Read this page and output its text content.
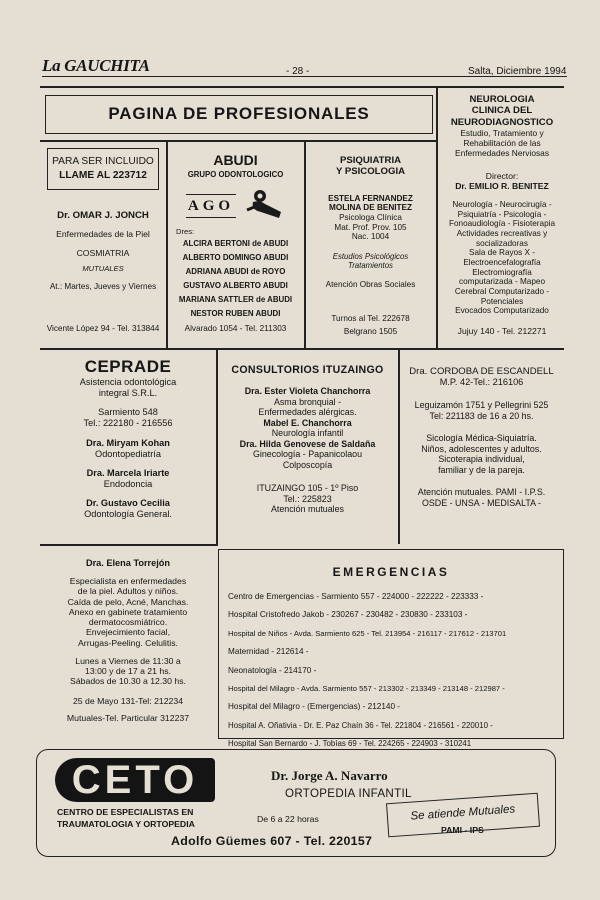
La GAUCHITA	- 28 -	Salta, Diciembre 1994
PAGINA DE PROFESIONALES
NEUROLOGIA
CLINICA DEL
NEURODIAGNOSTICO
Estudio, Tratamiento y
Rehabilitación de las
Enfermedades Nerviosas
Director:
Dr. EMILIO R. BENITEZ
Neurología - Neurocirugía -
Psiquiatría - Psicología -
Fonoaudiología - Fisioterapia
Actividades recreativas y
socializadoras
Sala de Rayos X -
Electroencefalografía
Electromiografía
computarizada - Mapeo
Cerebral Computarizado -
Potenciales
Evocados Computarizado
Jujuy 140 - Tel. 212271
PARA SER INCLUIDO
LLAME AL 223712
Dr. OMAR J. JONCH
Enfermedades de la Piel
COSMIATRIA
MUTUALES
At.: Martes, Jueves y Viernes
Vicente López 94 - Tel. 313844
ABUDI
GRUPO ODONTOLOGICO
AGO
Dres:
ALCIRA BERTONI de ABUDI
ALBERTO DOMINGO ABUDI
ADRIANA ABUDI de ROYO
GUSTAVO ALBERTO ABUDI
MARIANA SATTLER de ABUDI
NESTOR RUBEN ABUDI
Alvarado 1054 - Tel. 211303
PSIQUIATRIA
Y PSICOLOGIA
ESTELA FERNANDEZ
MOLINA DE BENITEZ
Psicologa Clínica
Mat. Prof. Prov. 105
Nac. 1004
Estudios Psicológicos
Tratamientos
Atención Obras Sociales
Turnos al Tel. 222678
Belgrano 1505
CEPRADE
Asistencia odontológica
integral S.R.L.
Sarmiento 548
Tel.: 222180 - 216556
Dra. Miryam Kohan
Odontopediatría
Dra. Marcela Iriarte
Endodoncia
Dr. Gustavo Cecilia
Odontología General.
CONSULTORIOS ITUZAINGO
Dra. Ester Violeta Chanchorra
Asma bronquial -
Enfermedades alérgicas.
Mabel E. Chanchorra
Neurología infantil
Dra. Hilda Genovese de Saldaña
Ginecología - Papanicolaou
Colposcopía
ITUZAINGO 105 - 1º Piso
Tel.: 225823
Atención mutuales
Dra. CORDOBA DE ESCANDELL
M.P. 42-Tel.: 216106
Leguizamón 1751 y Pellegrini 525
Tel: 221183 de 16 a 20 hs.
Sicología Médica-Siquiatría.
Niños, adolescentes y adultos.
Sicoterapia individual,
familiar y de la pareja.
Atención mutuales. PAMI - I.P.S.
OSDE - UNSA - MEDISALTA -
Dra. Elena Torrejón
Especialista en enfermedades
de la piel. Adultos y niños.
Caída de pelo, Acné, Manchas.
Anexo en gabinete tratamiento
dermatocosmiátrico.
Envejecimiento facial,
Arrugas-Peeling. Celulitis.
Lunes a Viernes de 11:30 a
13:00 y de 17 a 21 hs.
Sábados de 10.30 a 12.30 hs.
25 de Mayo 131-Tel: 212234
Mutuales-Tel. Particular 312237
EMERGENCIAS
Centro de Emergencias - Sarmiento 557 - 224000 - 222222 - 223333 -
Hospital Cristofredo Jakob - 230267 - 230482 - 230830 - 233103 -
Hospital de Niños - Avda. Sarmiento 625 - Tel. 213954 - 216117 - 217612 - 213701
Maternidad - 212614 -
Neonatología - 214170 -
Hospital del Milagro - Avda. Sarmiento 557 - 213302 - 213349 - 213148 - 212987 -
Hospital del Milagro - (Emergencias) - 212140 -
Hospital A. Oñativia - Dr. E. Paz Chaín 36 - Tel. 221804 - 216561 - 220010 -
Hospital San Bernardo - J. Tobías 69 - Tel. 224265 - 224903 - 310241
CETO
CENTRO DE ESPECIALISTAS EN
TRAUMATOLOGIA Y ORTOPEDIA
Adolfo Güemes 607 - Tel. 220157
Dr. Jorge A. Navarro
ORTOPEDIA INFANTIL
De 6 a 22 horas	Se atiende Mutuales
PAMI - IPS
